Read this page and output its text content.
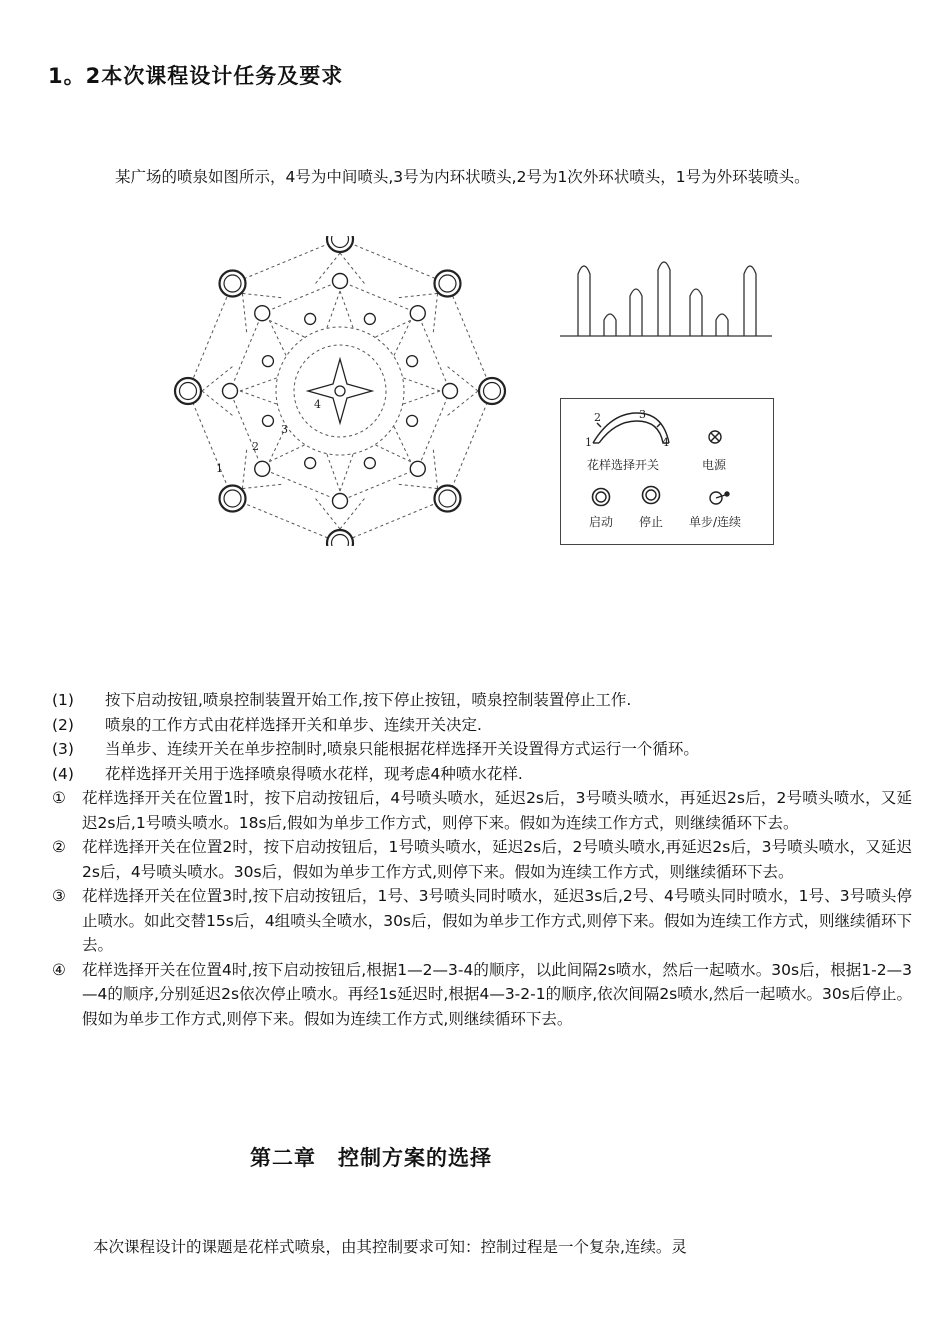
1。2本次课程设计任务及要求

某广场的喷泉如图所示，4号为中间喷头,3号为内环状喷头,2号为1次外环状喷头，1号为外环装喷头。

1
2
3
4
1
2	3
4
花样选择开关	电源
启动 停止 单步/连续
(1)	按下启动按钮,喷泉控制装置开始工作,按下停止按钮，喷泉控制装置停止工作.
(2)	喷泉的工作方式由花样选择开关和单步、连续开关决定.
(3)	当单步、连续开关在单步控制时,喷泉只能根据花样选择开关设置得方式运行一个循环。
(4)	花样选择开关用于选择喷泉得喷水花样，现考虑4种喷水花样.
①	花样选择开关在位置1时，按下启动按钮后，4号喷头喷水，延迟2s后，3号喷头喷水，再延迟2s后，2号喷头喷水，又延迟2s后,1号喷头喷水。18s后,假如为单步工作方式，则停下来。假如为连续工作方式，则继续循环下去。
②	花样选择开关在位置2时，按下启动按钮后，1号喷头喷水，延迟2s后，2号喷头喷水,再延迟2s后，3号喷头喷水，又延迟2s后，4号喷头喷水。30s后，假如为单步工作方式,则停下来。假如为连续工作方式，则继续循环下去。
③	花样选择开关在位置3时,按下启动按钮后，1号、3号喷头同时喷水，延迟3s后,2号、4号喷头同时喷水，1号、3号喷头停止喷水。如此交替15s后，4组喷头全喷水，30s后，假如为单步工作方式,则停下来。假如为连续工作方式，则继续循环下去。
④	花样选择开关在位置4时,按下启动按钮后,根据1—2—3-4的顺序，以此间隔2s喷水，然后一起喷水。30s后，根据1-2—3—4的顺序,分别延迟2s依次停止喷水。再经1s延迟时,根据4—3-2-1的顺序,依次间隔2s喷水,然后一起喷水。30s后停止。假如为单步工作方式,则停下来。假如为连续工作方式,则继续循环下去。
第二章　控制方案的选择

本次课程设计的课题是花样式喷泉，由其控制要求可知：控制过程是一个复杂,连续。灵
